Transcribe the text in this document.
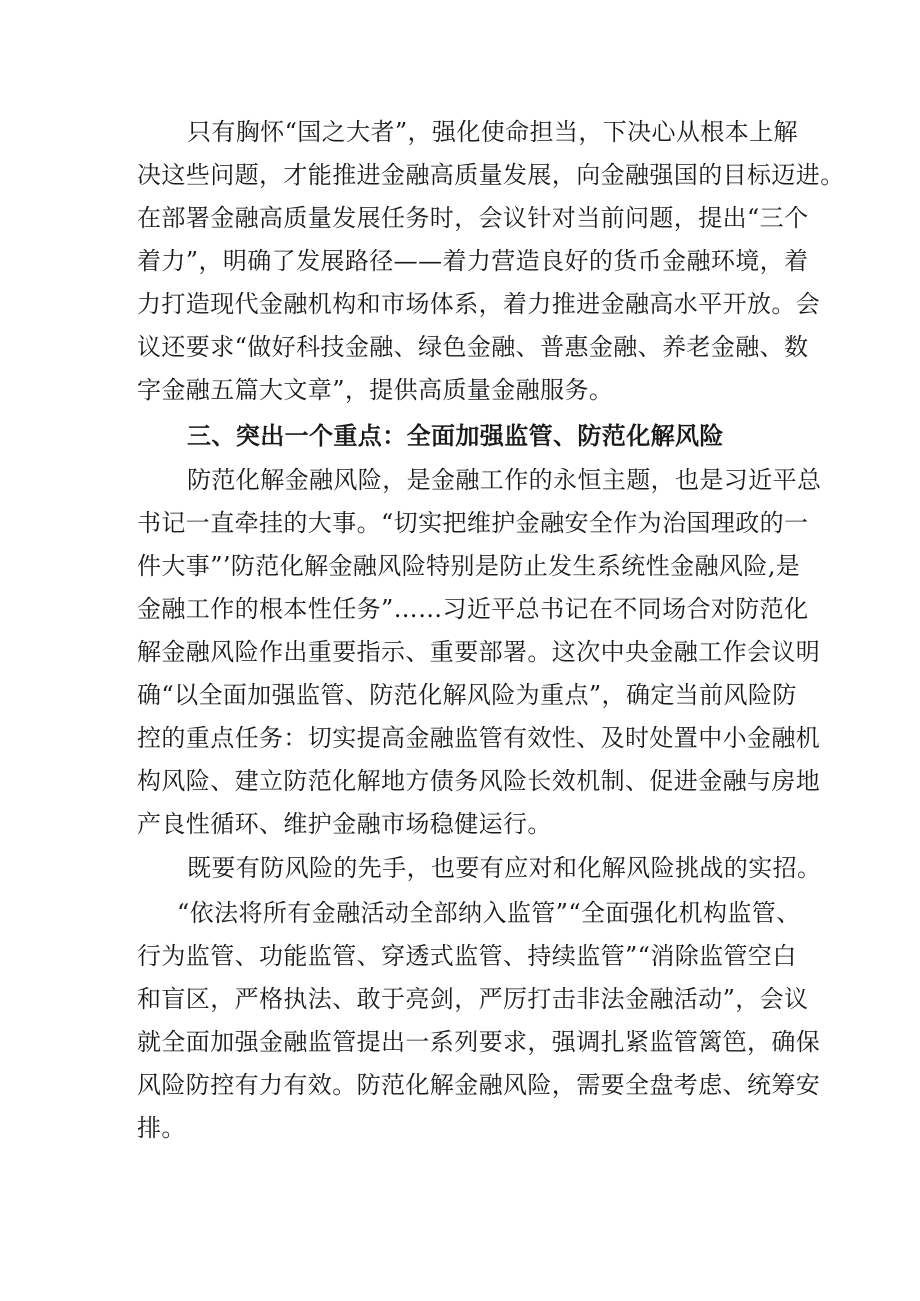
只有胸怀“国之大者”，强化使命担当，下决心从根本上解
决这些问题，才能推进金融高质量发展，向金融强国的目标迈进。
在部署金融高质量发展任务时，会议针对当前问题，提出“三个
着力”，明确了发展路径——着力营造良好的货币金融环境，着
力打造现代金融机构和市场体系，着力推进金融高水平开放。会
议还要求“做好科技金融、绿色金融、普惠金融、养老金融、数
字金融五篇大文章”，提供高质量金融服务。
三、突出一个重点：全面加强监管、防范化解风险
防范化解金融风险，是金融工作的永恒主题，也是习近平总
书记一直牵挂的大事。“切实把维护金融安全作为治国理政的一
件大事”’防范化解金融风险特别是防止发生系统性金融风险,是
金融工作的根本性任务”……习近平总书记在不同场合对防范化
解金融风险作出重要指示、重要部署。这次中央金融工作会议明
确“以全面加强监管、防范化解风险为重点”，确定当前风险防
控的重点任务：切实提高金融监管有效性、及时处置中小金融机
构风险、建立防范化解地方债务风险长效机制、促进金融与房地
产良性循环、维护金融市场稳健运行。
既要有防风险的先手，也要有应对和化解风险挑战的实招。
“依法将所有金融活动全部纳入监管”“全面强化机构监管、
行为监管、功能监管、穿透式监管、持续监管”“消除监管空白
和盲区，严格执法、敢于亮剑，严厉打击非法金融活动”，会议
就全面加强金融监管提出一系列要求，强调扎紧监管篱笆，确保
风险防控有力有效。防范化解金融风险，需要全盘考虑、统筹安
排。
